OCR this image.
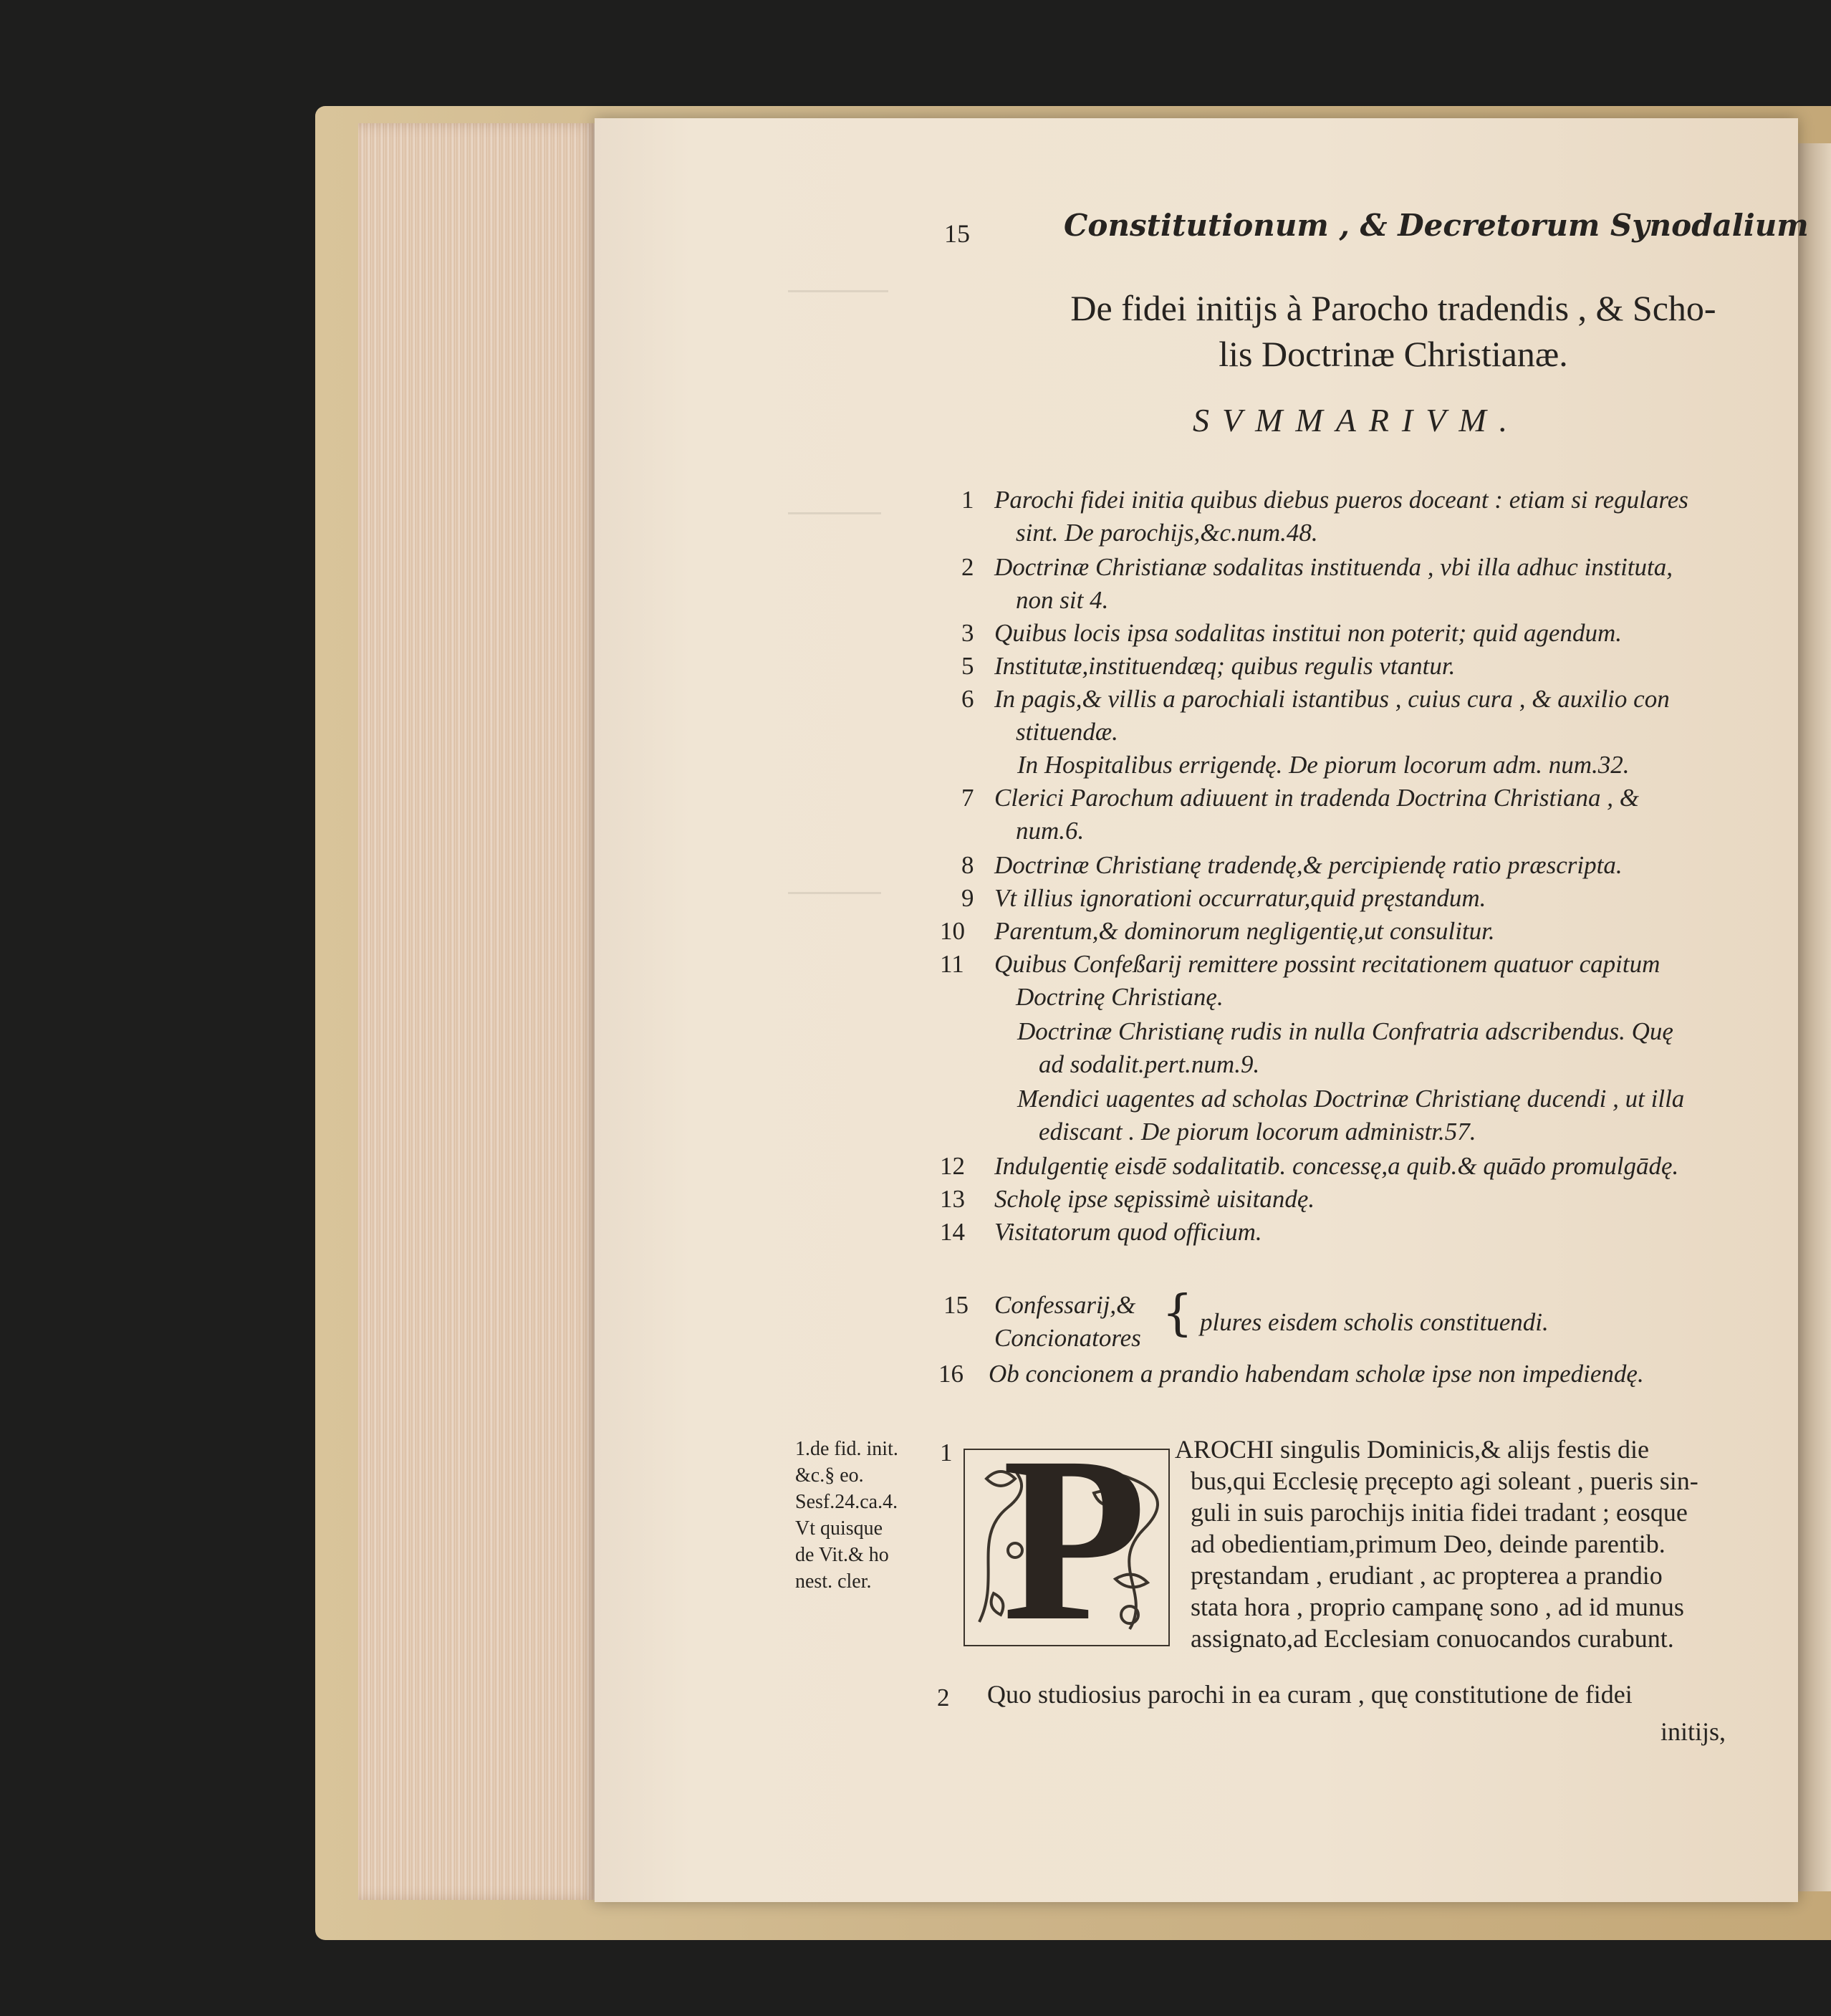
15	Constitutionum , & Decretorum Synodalium
De fidei initijs à Parocho tradendis , & Scho-
lis Doctrinæ Christianæ.
SVMMARIVM.
1 Parochi fidei initia quibus diebus pueros doceant : etiam si regulares
sint. De parochijs,&c.num.48.
2 Doctrinæ Christianæ sodalitas instituenda , vbi illa adhuc instituta,
non sit 4.
3 Quibus locis ipsa sodalitas institui non poterit; quid agendum.
5 Institutæ,instituendæq; quibus regulis vtantur.
6 In pagis,& villis a parochiali istantibus , cuius cura , & auxilio con
stituendæ.
In Hospitalibus errigendę. De piorum locorum adm. num.32.
7 Clerici Parochum adiuuent in tradenda Doctrina Christiana , &
num.6.
8 Doctrinæ Christianę tradendę,& percipiendę ratio præscripta.
9 Vt illius ignorationi occurratur,quid pręstandum.
10 Parentum,& dominorum negligentię,ut consulitur.
11 Quibus Confeßarij remittere possint recitationem quatuor capitum
Doctrinę Christianę.
Doctrinæ Christianę rudis in nulla Confratria adscribendus. Quę
ad sodalit.pert.num.9.
Mendici uagentes ad scholas Doctrinæ Christianę ducendi , ut illa
ediscant . De piorum locorum administr.57.
12 Indulgentię eisdē sodalitatib. concessę,a quib.& quādo promulgādę.
13 Scholę ipse sępissimè uisitandę.
14 Visitatorum quod officium.
15 Confessarij,&
Concionatores { plures eisdem scholis constituendi.
16 Ob concionem a prandio habendam scholæ ipse non impediendę.
1.de fid. init.
&c.§ eo.
Sesf.24.ca.4.
Vt quisque
de Vit.& ho
nest. cler.
1 P AROCHI singulis Dominicis,& alijs festis die
bus,qui Ecclesię pręcepto agi soleant , pueris sin-
guli in suis parochijs initia fidei tradant ; eosque
ad obedientiam,primum Deo, deinde parentib.
pręstandam , erudiant , ac propterea a prandio
stata hora , proprio campanę sono , ad id munus
assignato,ad Ecclesiam conuocandos curabunt.
2 Quo studiosius parochi in ea curam , quę constitutione de fidei
initijs,
